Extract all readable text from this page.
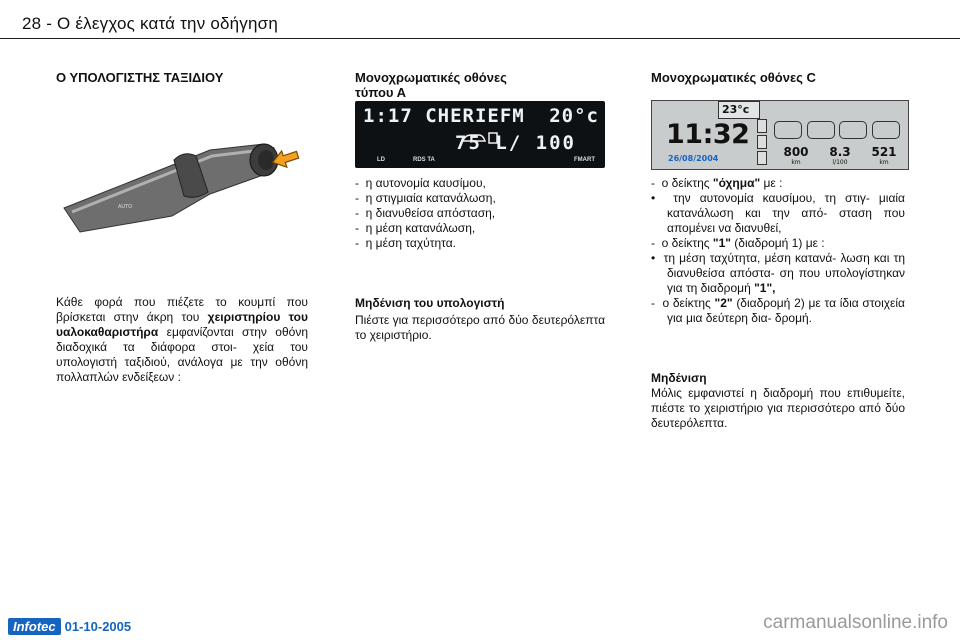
28 - Ο έλεγχος κατά την οδήγηση
Ο ΥΠΟΛΟΓΙΣΤΗΣ ΤΑΞΙΔΙΟΥ
AUTO
Κάθε φορά που πιέζετε το κουμπί που βρίσκεται στην άκρη του χειριστηρίου του υαλοκαθαριστήρα εμφανίζονται στην οθόνη διαδοχικά τα διάφορα στοι- χεία του υπολογιστή ταξιδιού, ανάλογα με την οθόνη πολλαπλών ενδείξεων :
Μονοχρωματικές οθόνες
τύπου Α
1:17 CHERIEFM 20°c
75 L/ 100
LD	RDS TA	FMART
-  η αυτονομία καυσίμου,
-  η στιγμιαία κατανάλωση,
-  η διανυθείσα απόσταση,
-  η μέση κατανάλωση,
-  η μέση ταχύτητα.
Μηδένιση του υπολογιστή
Πιέστε για περισσότερο από δύο δευτερόλεπτα το χειριστήριο.
Μονοχρωματικές οθόνες C
23°c
11:32
26/08/2004	800	8.3	521
km	l/100	km
-  ο δείκτης "όχημα" με :
•  την αυτονομία καυσίμου, τη στιγ- μιαία κατανάλωση και την από- σταση που απομένει να διανυθεί,
-  ο δείκτης "1" (διαδρομή 1) με :
•  τη μέση ταχύτητα, μέση κατανά- λωση και τη διανυθείσα απόστα- ση που υπολογίστηκαν για τη διαδρομή "1",
-  ο δείκτης "2" (διαδρομή 2) με τα ίδια στοιχεία για μια δεύτερη δια- δρομή.
Μηδένιση
Μόλις εμφανιστεί η διαδρομή που επιθυμείτε, πιέστε το χειριστήριο για περισσότερο από δύο δευτερόλεπτα.
Infotec 01-10-2005	carmanualsonline.info
